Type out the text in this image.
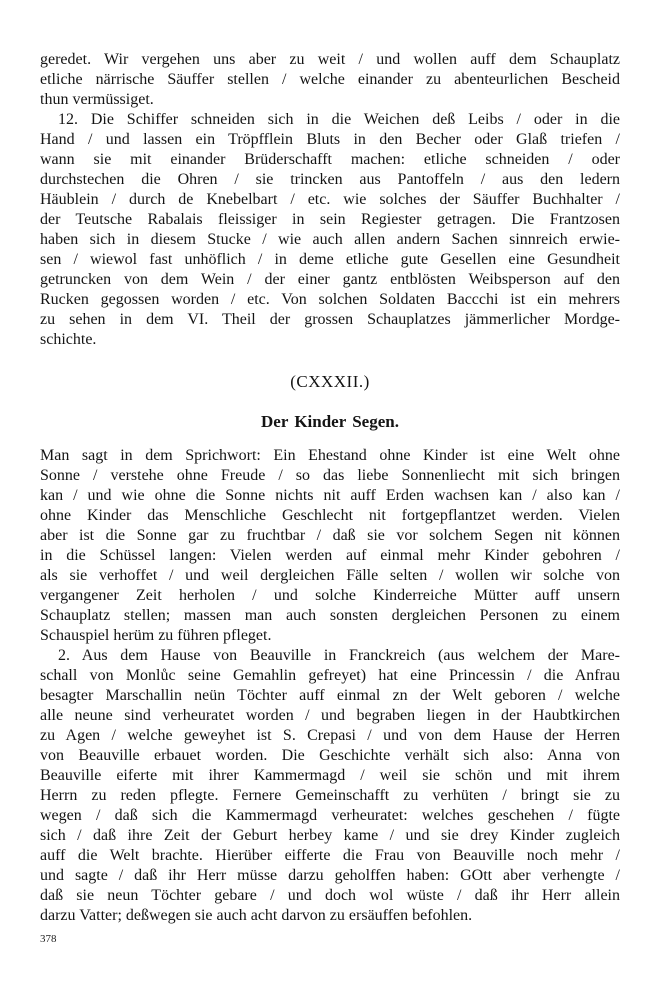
geredet. Wir vergehen uns aber zu weit / und wollen auff dem Schauplatz
etliche närrische Säuffer stellen / welche einander zu abenteurlichen Bescheid
thun vermüssiget.
12. Die Schiffer schneiden sich in die Weichen deß Leibs / oder in die
Hand / und lassen ein Tröpfflein Bluts in den Becher oder Glaß triefen /
wann sie mit einander Brüderschafft machen: etliche schneiden / oder
durchstechen die Ohren / sie trincken aus Pantoffeln / aus den ledern
Häublein / durch de Knebelbart / etc. wie solches der Säuffer Buchhalter /
der Teutsche Rabalais fleissiger in sein Regiester getragen. Die Frantzosen
haben sich in diesem Stucke / wie auch allen andern Sachen sinnreich erwie-
sen / wiewol fast unhöflich / in deme etliche gute Gesellen eine Gesundheit
getruncken von dem Wein / der einer gantz entblösten Weibsperson auf den
Rucken gegossen worden / etc. Von solchen Soldaten Baccchi ist ein mehrers
zu sehen in dem VI. Theil der grossen Schauplatzes jämmerlicher Mordge-
schichte.
(CXXXII.)
Der Kinder Segen.
Man sagt in dem Sprichwort: Ein Ehestand ohne Kinder ist eine Welt ohne
Sonne / verstehe ohne Freude / so das liebe Sonnenliecht mit sich bringen
kan / und wie ohne die Sonne nichts nit auff Erden wachsen kan / also kan /
ohne Kinder das Menschliche Geschlecht nit fortgepflantzet werden. Vielen
aber ist die Sonne gar zu fruchtbar / daß sie vor solchem Segen nit können
in die Schüssel langen: Vielen werden auf einmal mehr Kinder gebohren /
als sie verhoffet / und weil dergleichen Fälle selten / wollen wir solche von
vergangener Zeit herholen / und solche Kinderreiche Mütter auff unsern
Schauplatz stellen; massen man auch sonsten dergleichen Personen zu einem
Schauspiel herüm zu führen pfleget.
2. Aus dem Hause von Beauville in Franckreich (aus welchem der Mare-
schall von Monlůc seine Gemahlin gefreyet) hat eine Princessin / die Anfrau
besagter Marschallin neün Töchter auff einmal zn der Welt geboren / welche
alle neune sind verheuratet worden / und begraben liegen in der Haubtkirchen
zu Agen / welche geweyhet ist S. Crepasi / und von dem Hause der Herren
von Beauville erbauet worden. Die Geschichte verhält sich also: Anna von
Beauville eiferte mit ihrer Kammermagd / weil sie schön und mit ihrem
Herrn zu reden pflegte. Fernere Gemeinschafft zu verhüten / bringt sie zu
wegen / daß sich die Kammermagd verheuratet: welches geschehen / fügte
sich / daß ihre Zeit der Geburt herbey kame / und sie drey Kinder zugleich
auff die Welt brachte. Hierüber eifferte die Frau von Beauville noch mehr /
und sagte / daß ihr Herr müsse darzu geholffen haben: GOtt aber verhengte /
daß sie neun Töchter gebare / und doch wol wüste / daß ihr Herr allein
darzu Vatter; deßwegen sie auch acht darvon zu ersäuffen befohlen.
378
